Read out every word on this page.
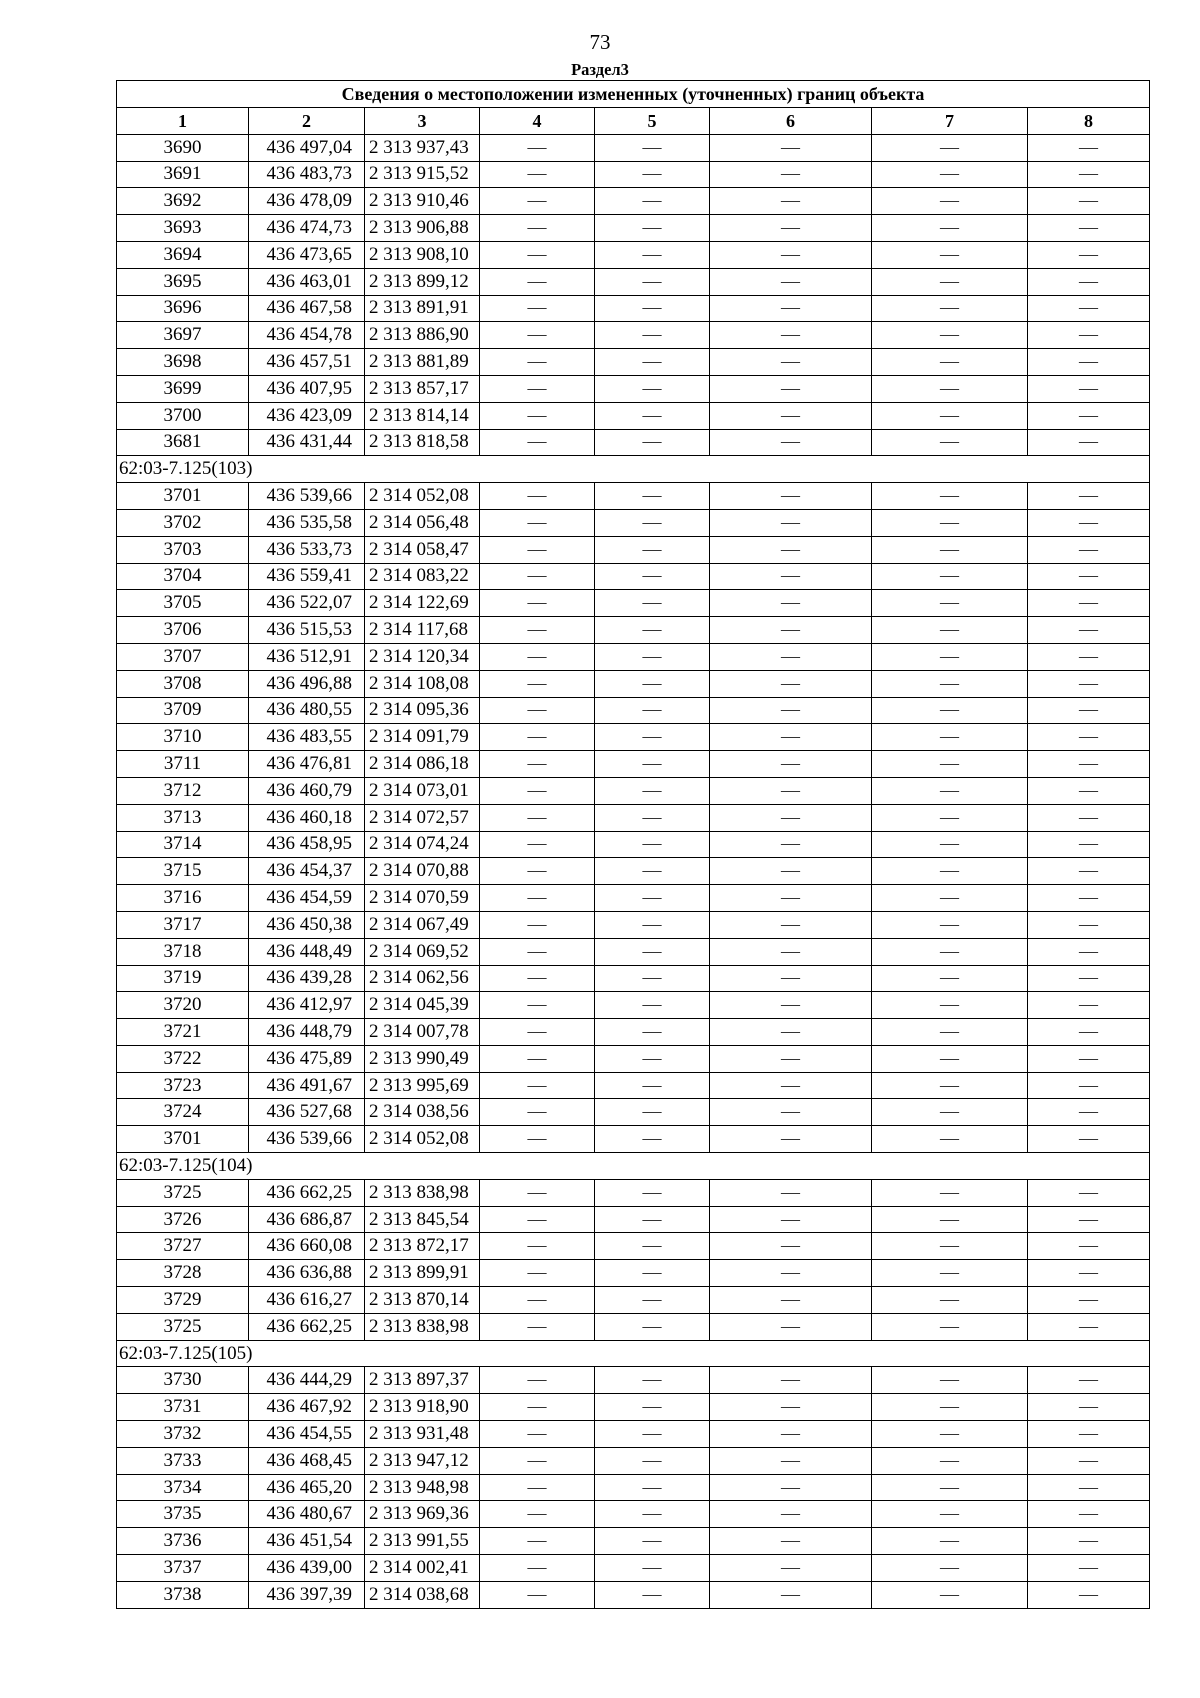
73
Раздел3
Сведения о местоположении измененных (уточненных) границ объекта							
1	2	3	4	5	6	7	8
3690	436 497,04	2 313 937,43	—	—	—	—	—
3691	436 483,73	2 313 915,52	—	—	—	—	—
3692	436 478,09	2 313 910,46	—	—	—	—	—
3693	436 474,73	2 313 906,88	—	—	—	—	—
3694	436 473,65	2 313 908,10	—	—	—	—	—
3695	436 463,01	2 313 899,12	—	—	—	—	—
3696	436 467,58	2 313 891,91	—	—	—	—	—
3697	436 454,78	2 313 886,90	—	—	—	—	—
3698	436 457,51	2 313 881,89	—	—	—	—	—
3699	436 407,95	2 313 857,17	—	—	—	—	—
3700	436 423,09	2 313 814,14	—	—	—	—	—
3681	436 431,44	2 313 818,58	—	—	—	—	—
62:03-7.125(103)							
3701	436 539,66	2 314 052,08	—	—	—	—	—
3702	436 535,58	2 314 056,48	—	—	—	—	—
3703	436 533,73	2 314 058,47	—	—	—	—	—
3704	436 559,41	2 314 083,22	—	—	—	—	—
3705	436 522,07	2 314 122,69	—	—	—	—	—
3706	436 515,53	2 314 117,68	—	—	—	—	—
3707	436 512,91	2 314 120,34	—	—	—	—	—
3708	436 496,88	2 314 108,08	—	—	—	—	—
3709	436 480,55	2 314 095,36	—	—	—	—	—
3710	436 483,55	2 314 091,79	—	—	—	—	—
3711	436 476,81	2 314 086,18	—	—	—	—	—
3712	436 460,79	2 314 073,01	—	—	—	—	—
3713	436 460,18	2 314 072,57	—	—	—	—	—
3714	436 458,95	2 314 074,24	—	—	—	—	—
3715	436 454,37	2 314 070,88	—	—	—	—	—
3716	436 454,59	2 314 070,59	—	—	—	—	—
3717	436 450,38	2 314 067,49	—	—	—	—	—
3718	436 448,49	2 314 069,52	—	—	—	—	—
3719	436 439,28	2 314 062,56	—	—	—	—	—
3720	436 412,97	2 314 045,39	—	—	—	—	—
3721	436 448,79	2 314 007,78	—	—	—	—	—
3722	436 475,89	2 313 990,49	—	—	—	—	—
3723	436 491,67	2 313 995,69	—	—	—	—	—
3724	436 527,68	2 314 038,56	—	—	—	—	—
3701	436 539,66	2 314 052,08	—	—	—	—	—
62:03-7.125(104)							
3725	436 662,25	2 313 838,98	—	—	—	—	—
3726	436 686,87	2 313 845,54	—	—	—	—	—
3727	436 660,08	2 313 872,17	—	—	—	—	—
3728	436 636,88	2 313 899,91	—	—	—	—	—
3729	436 616,27	2 313 870,14	—	—	—	—	—
3725	436 662,25	2 313 838,98	—	—	—	—	—
62:03-7.125(105)							
3730	436 444,29	2 313 897,37	—	—	—	—	—
3731	436 467,92	2 313 918,90	—	—	—	—	—
3732	436 454,55	2 313 931,48	—	—	—	—	—
3733	436 468,45	2 313 947,12	—	—	—	—	—
3734	436 465,20	2 313 948,98	—	—	—	—	—
3735	436 480,67	2 313 969,36	—	—	—	—	—
3736	436 451,54	2 313 991,55	—	—	—	—	—
3737	436 439,00	2 314 002,41	—	—	—	—	—
3738	436 397,39	2 314 038,68	—	—	—	—	—
